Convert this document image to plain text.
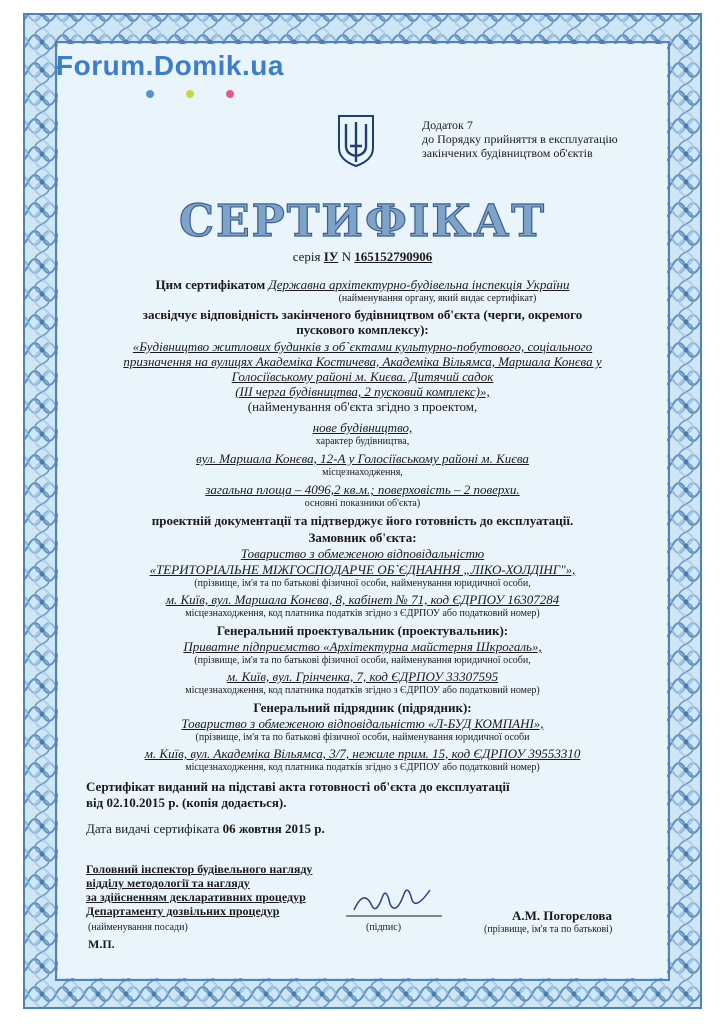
Forum.Domik.ua
Додаток 7
до Порядку прийняття в експлуатацію
закінчених будівництвом об'єктів
СЕРТИФІКАТ
серія ІУ N 165152790906
Цим сертифікатом Державна архітектурно-будівельна інспекція України
(найменування органу, який видає сертифікат)
засвідчує відповідність закінченого будівництвом об'єкта (черги, окремого
пускового комплексу):
«Будівництво житлових будинків з об`єктами культурно-побутового, соціального
призначення на вулицях Академіка Костичева, Академіка Вільямса, Маршала Конєва у
Голосіївському районі м. Києва. Дитячий садок
(ІІІ черга будівництва, 2 пусковий комплекс)»,
(найменування об'єкта згідно з проектом,
нове будівництво,
характер будівництва,
вул. Маршала Конєва, 12-А у Голосіївському районі м. Києва
місцезнаходження,
загальна площа – 4096,2 кв.м.; поверховість – 2 поверхи.
основні показники об'єкта)
проектній документації та підтверджує його готовність до експлуатації.
Замовник об'єкта:
Товариство з обмеженою відповідальністю
«ТЕРИТОРІАЛЬНЕ МІЖГОСПОДАРЧЕ ОБ`ЄДНАННЯ „ЛІКО-ХОЛДІНГ"»,
(прізвище, ім'я та по батькові фізичної особи, найменування юридичної особи,
м. Київ, вул. Маршала Конєва, 8, кабінет № 71, код ЄДРПОУ 16307284
місцезнаходження, код платника податків згідно з ЄДРПОУ або податковий номер)
Генеральний проектувальник (проектувальник):
Приватне підприємство «Архітектурна майстерня Шкрогаль»,
(прізвище, ім'я та по батькові фізичної особи, найменування юридичної особи,
м. Київ, вул. Грінченка, 7, код ЄДРПОУ 33307595
місцезнаходження, код платника податків згідно з ЄДРПОУ або податковий номер)
Генеральний підрядник (підрядник):
Товариство з обмеженою відповідальністю «Л-БУД КОМПАНІ»,
(прізвище, ім'я та по батькові фізичної особи, найменування юридичної особи
м. Київ, вул. Академіка Вільямса, 3/7, нежиле прим. 15, код ЄДРПОУ 39553310
місцезнаходження, код платника податків згідно з ЄДРПОУ або податковий номер)
Сертифікат виданий на підставі акта готовності об'єкта до експлуатації
від 02.10.2015 р. (копія додається).
Дата видачі сертифіката 06 жовтня 2015 р.
Головний інспектор будівельного нагляду
відділу методології та нагляду
за здійсненням декларативних процедур
Департаменту дозвільних процедур
(найменування посади)
М.П.
(підпис)
А.М. Погорєлова
(прізвище, ім'я та по батькові)
